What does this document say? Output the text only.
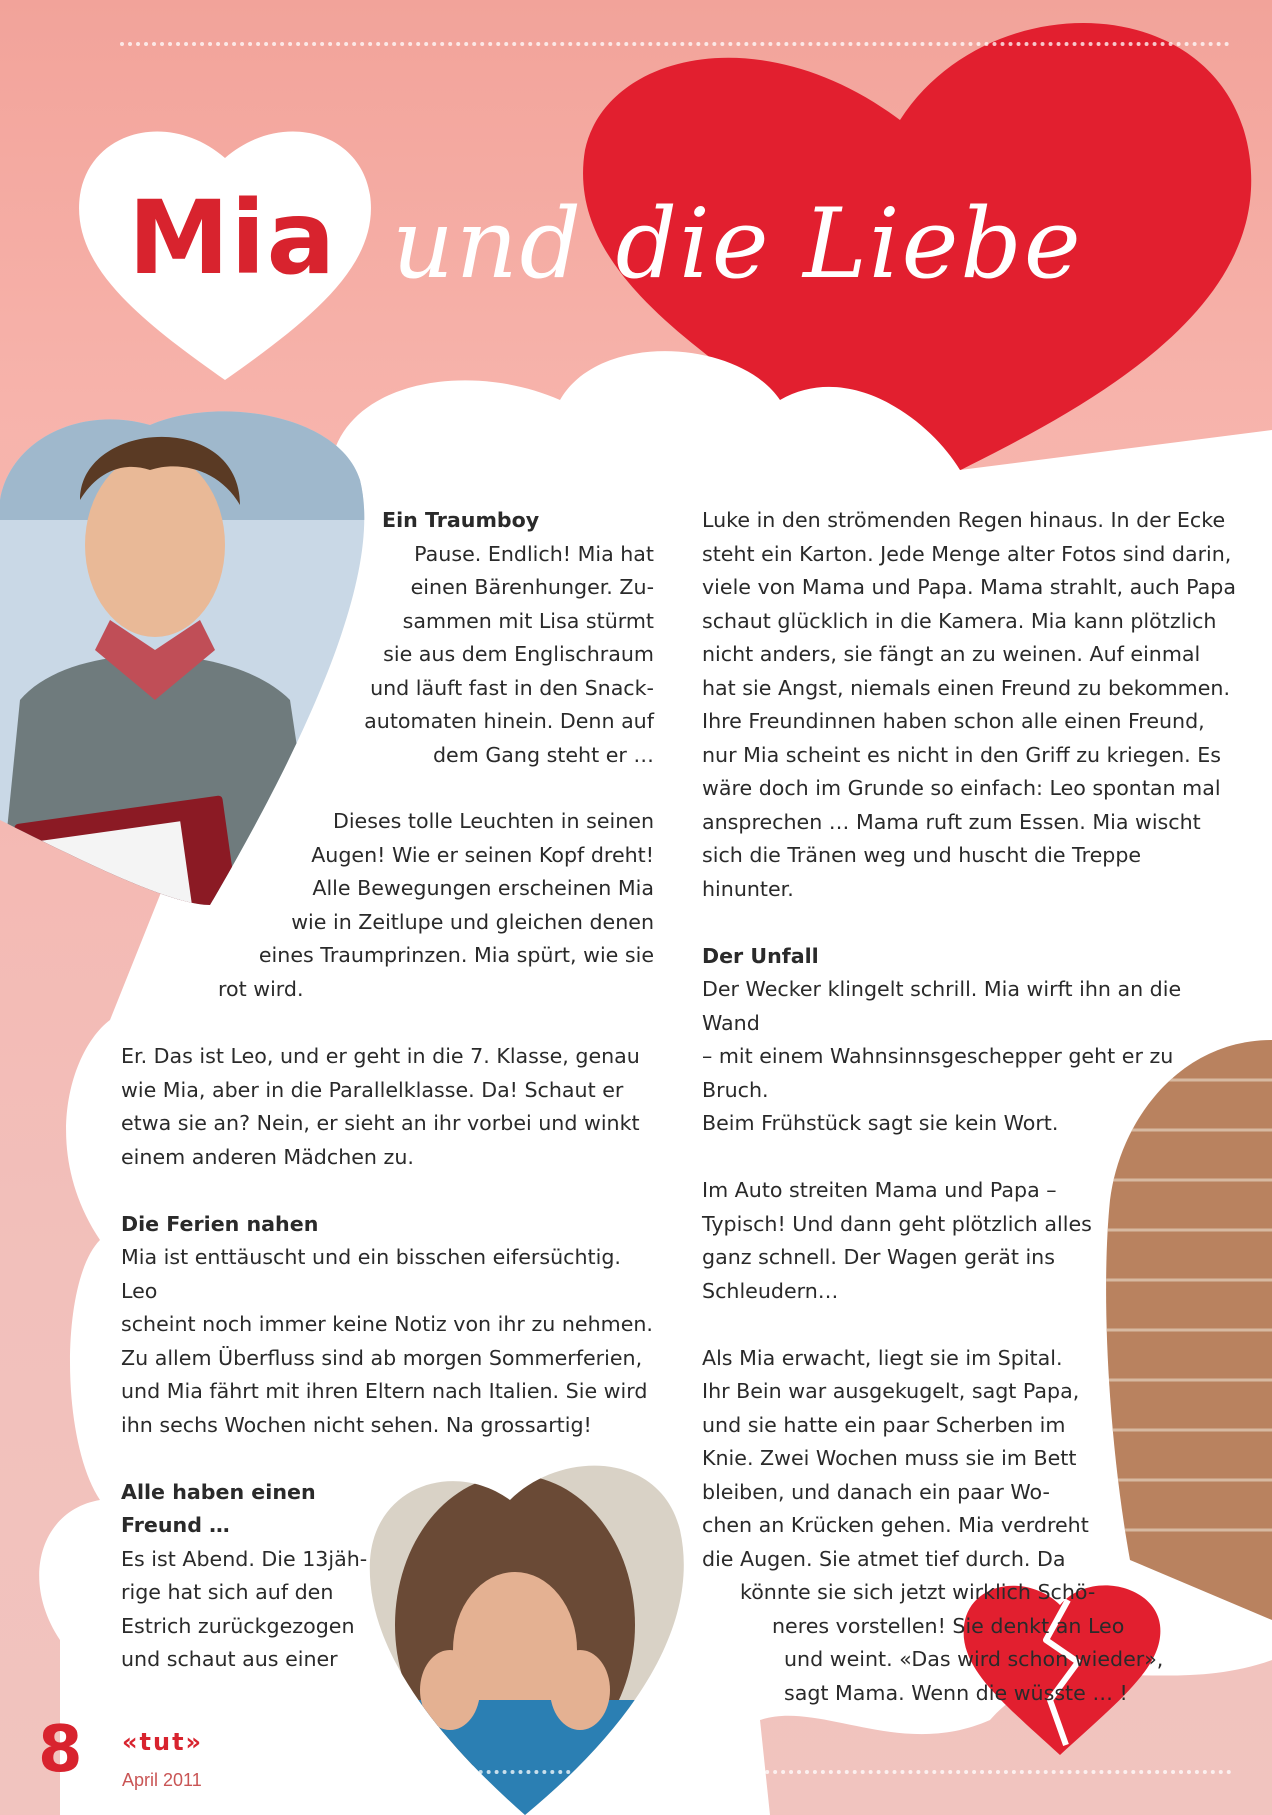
Mia und die Liebe

Ein Traumboy

Pause. Endlich! Mia hat

einen Bärenhunger. Zu-

sammen mit Lisa stürmt

sie aus dem Englischraum

und läuft fast in den Snack-

automaten hinein. Denn auf

dem Gang steht er …

Dieses tolle Leuchten in seinen

Augen! Wie er seinen Kopf dreht!

Alle Bewegungen erscheinen Mia

wie in Zeitlupe und gleichen denen

eines Traumprinzen. Mia spürt, wie sie

rot wird.

Er. Das ist Leo, und er geht in die 7. Klasse, genau

wie Mia, aber in die Parallelklasse. Da! Schaut er

etwa sie an? Nein, er sieht an ihr vorbei und winkt

einem anderen Mädchen zu.

Die Ferien nahen

Mia ist enttäuscht und ein bisschen eifersüchtig. Leo

scheint noch immer keine Notiz von ihr zu nehmen.

Zu allem Überfluss sind ab morgen Sommerferien,

und Mia fährt mit ihren Eltern nach Italien. Sie wird

ihn sechs Wochen nicht sehen. Na grossartig!

Alle haben einen

Freund …

Es ist Abend. Die 13jäh-

rige hat sich auf den

Estrich zurückgezogen

und schaut aus einer

Luke in den strömenden Regen hinaus. In der Ecke

steht ein Karton. Jede Menge alter Fotos sind darin,

viele von Mama und Papa. Mama strahlt, auch Papa

schaut glücklich in die Kamera. Mia kann plötzlich

nicht anders, sie fängt an zu weinen. Auf einmal

hat sie Angst, niemals einen Freund zu bekommen.

Ihre Freundinnen haben schon alle einen Freund,

nur Mia scheint es nicht in den Griff zu kriegen. Es

wäre doch im Grunde so einfach: Leo spontan mal

ansprechen … Mama ruft zum Essen. Mia wischt

sich die Tränen weg und huscht die Treppe hinunter.

Der Unfall

Der Wecker klingelt schrill. Mia wirft ihn an die Wand

– mit einem Wahnsinnsgeschepper geht er zu Bruch.

Beim Frühstück sagt sie kein Wort.

Im Auto streiten Mama und Papa –

Typisch! Und dann geht plötzlich alles

ganz schnell. Der Wagen gerät ins

Schleudern…

Als Mia erwacht, liegt sie im Spital.

Ihr Bein war ausgekugelt, sagt Papa,

und sie hatte ein paar Scherben im

Knie. Zwei Wochen muss sie im Bett

bleiben, und danach ein paar Wo-

chen an Krücken gehen. Mia verdreht

die Augen. Sie atmet tief durch. Da

könnte sie sich jetzt wirklich Schö-

neres vorstellen! Sie denkt an Leo

und weint. «Das wird schon wieder»,

sagt Mama. Wenn die wüsste … !

8 «tut»
April 2011
